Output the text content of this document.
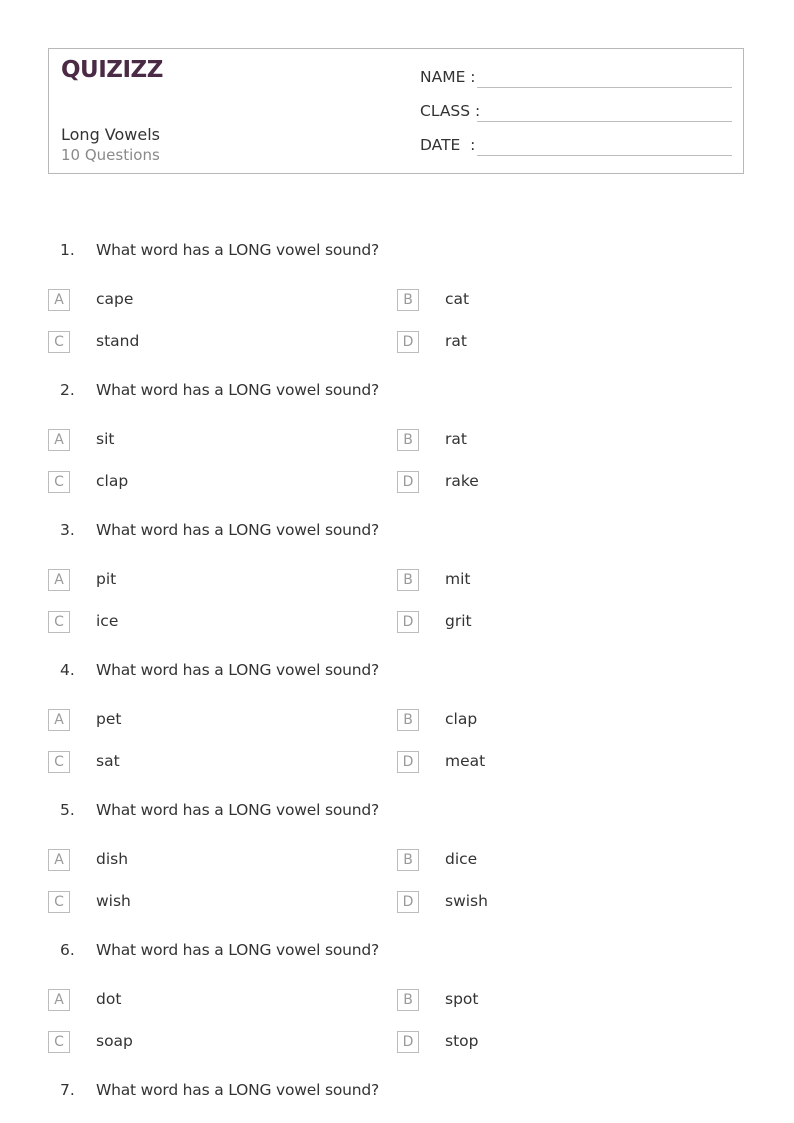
QUIZIZZ
Long Vowels
10 Questions
NAME :
CLASS :
DATE  :
1. What word has a LONG vowel sound?
A	cape	B	cat
C	stand	D	rat
2. What word has a LONG vowel sound?
A	sit	B	rat
C	clap	D	rake
3. What word has a LONG vowel sound?
A	pit	B	mit
C	ice	D	grit
4. What word has a LONG vowel sound?
A	pet	B	clap
C	sat	D	meat
5. What word has a LONG vowel sound?
A	dish	B	dice
C	wish	D	swish
6. What word has a LONG vowel sound?
A	dot	B	spot
C	soap	D	stop
7. What word has a LONG vowel sound?
